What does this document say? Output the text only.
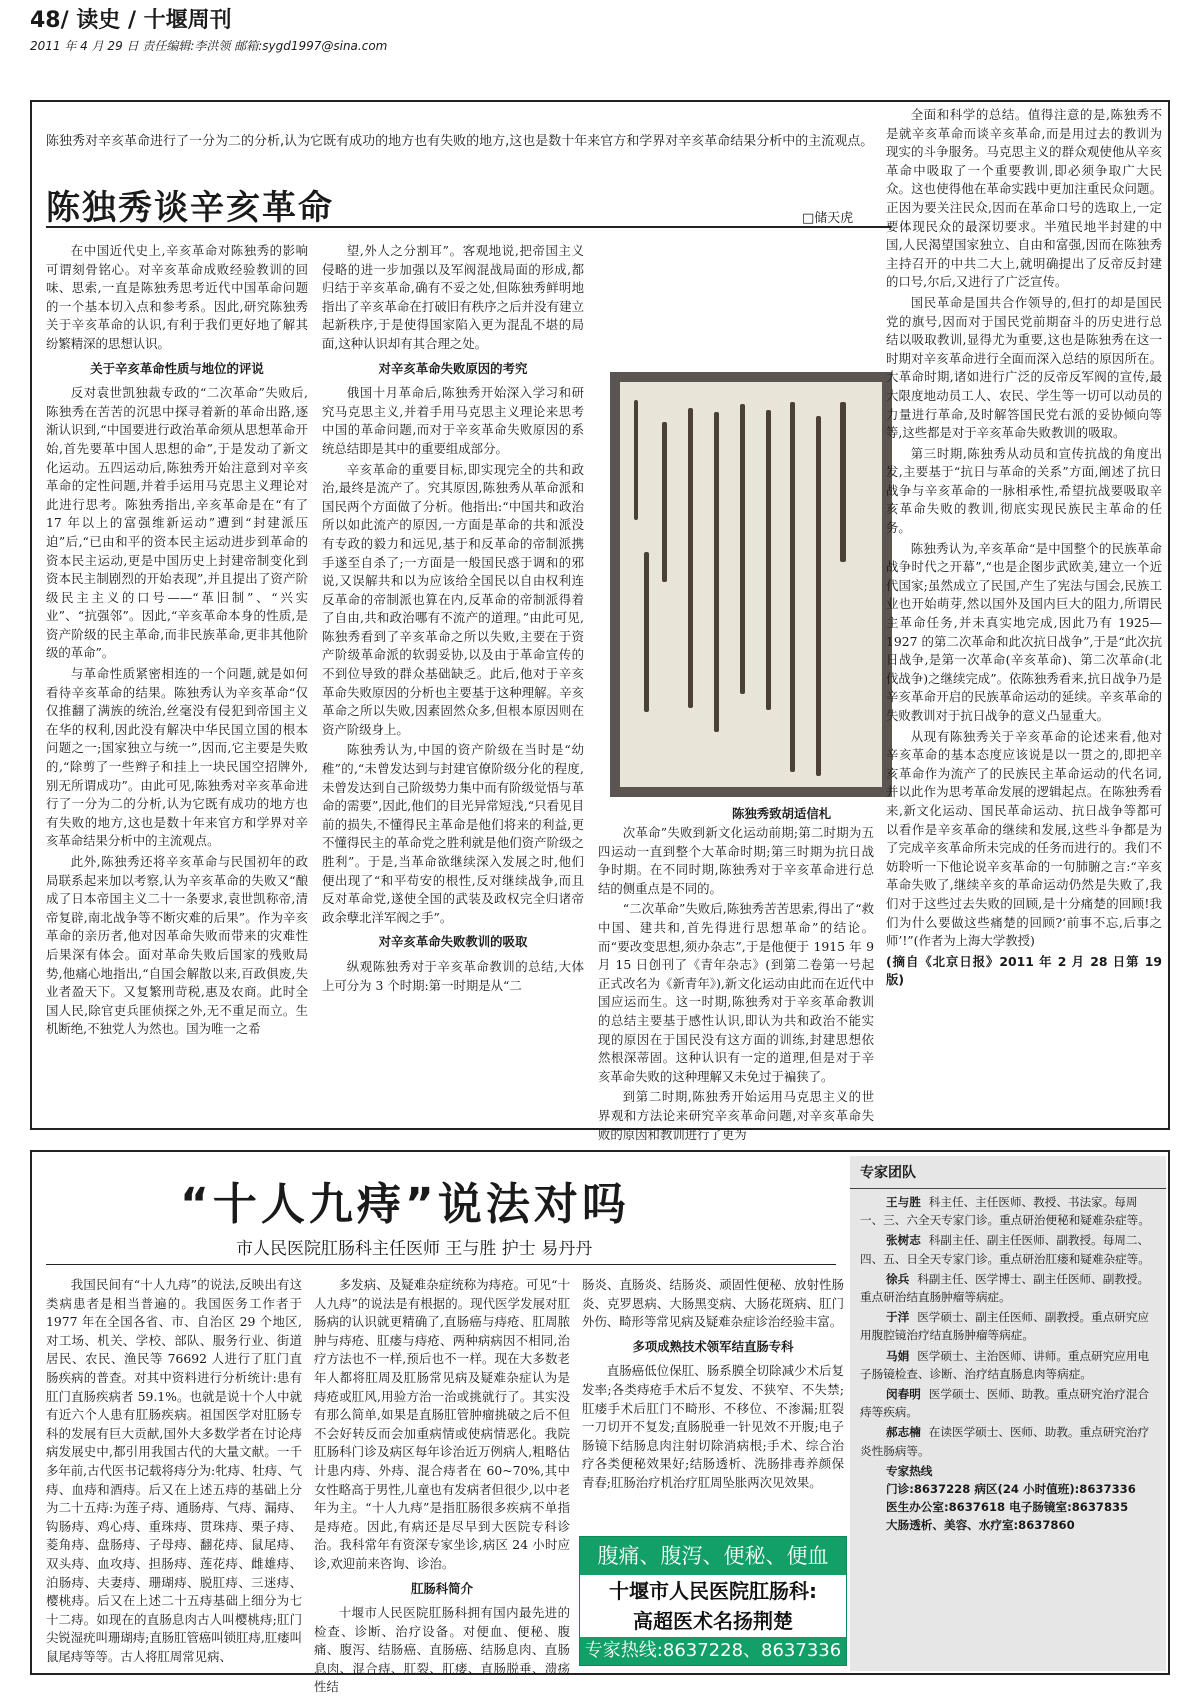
48/ 读史 / 十堰周刊
2011 年 4 月 29 日 责任编辑:李洪领 邮箱:sygd1997@sina.com
陈独秀对辛亥革命进行了一分为二的分析,认为它既有成功的地方也有失败的地方,这也是数十年来官方和学界对辛亥革命结果分析中的主流观点。
陈独秀谈辛亥革命	□储天虎

在中国近代史上,辛亥革命对陈独秀的影响可谓刻骨铭心。对辛亥革命成败经验教训的回味、思索,一直是陈独秀思考近代中国革命问题的一个基本切入点和参考系。因此,研究陈独秀关于辛亥革命的认识,有利于我们更好地了解其纷繁精深的思想认识。

关于辛亥革命性质与地位的评说

反对袁世凯独裁专政的“二次革命”失败后,陈独秀在苦苦的沉思中探寻着新的革命出路,逐渐认识到,“中国要进行政治革命须从思想革命开始,首先要革中国人思想的命”,于是发动了新文化运动。五四运动后,陈独秀开始注意到对辛亥革命的定性问题,并着手运用马克思主义理论对此进行思考。陈独秀指出,辛亥革命是在“有了 17 年以上的富强维新运动”遭到“封建派压迫”后,“已由和平的资本民主运动进步到革命的资本民主运动,更是中国历史上封建帝制变化到资本民主制剧烈的开始表现”,并且提出了资产阶级民主主义的口号——“革旧制”、“兴实业”、“抗强邻”。因此,“辛亥革命本身的性质,是资产阶级的民主革命,而非民族革命,更非其他阶级的革命”。

与革命性质紧密相连的一个问题,就是如何看待辛亥革命的结果。陈独秀认为辛亥革命“仅仅推翻了满族的统治,丝毫没有侵犯到帝国主义在华的权利,因此没有解决中华民国立国的根本问题之一;国家独立与统一”,因而,它主要是失败的,“除剪了一些辫子和挂上一块民国空招牌外,别无所谓成功”。由此可见,陈独秀对辛亥革命进行了一分为二的分析,认为它既有成功的地方也有失败的地方,这也是数十年来官方和学界对辛亥革命结果分析中的主流观点。

此外,陈独秀还将辛亥革命与民国初年的政局联系起来加以考察,认为辛亥革命的失败又“酿成了日本帝国主义二十一条要求,袁世凯称帝,清帝复辟,南北战争等不断灾难的后果”。作为辛亥革命的亲历者,他对因革命失败而带来的灾难性后果深有体会。面对革命失败后国家的残败局势,他痛心地指出,“自国会解散以来,百政俱废,失业者盈天下。又复繁刑苛税,惠及农商。此时全国人民,除官吏兵匪侦探之外,无不重足而立。生机断绝,不独党人为然也。国为唯一之希

望,外人之分割耳”。客观地说,把帝国主义侵略的进一步加强以及军阀混战局面的形成,都归结于辛亥革命,确有不妥之处,但陈独秀鲜明地指出了辛亥革命在打破旧有秩序之后并没有建立起新秩序,于是使得国家陷入更为混乱不堪的局面,这种认识却有其合理之处。

对辛亥革命失败原因的考究

俄国十月革命后,陈独秀开始深入学习和研究马克思主义,并着手用马克思主义理论来思考中国的革命问题,而对于辛亥革命失败原因的系统总结即是其中的重要组成部分。

辛亥革命的重要目标,即实现完全的共和政治,最终是流产了。究其原因,陈独秀从革命派和国民两个方面做了分析。他指出:“中国共和政治所以如此流产的原因,一方面是革命的共和派没有专政的毅力和远见,基于和反革命的帝制派携手遂至自杀了;一方面是一般国民惑于调和的邪说,又误解共和以为应该给全国民以自由权利连反革命的帝制派也算在内,反革命的帝制派得着了自由,共和政治哪有不流产的道理。”由此可见,陈独秀看到了辛亥革命之所以失败,主要在于资产阶级革命派的软弱妥协,以及由于革命宣传的不到位导致的群众基础缺乏。此后,他对于辛亥革命失败原因的分析也主要基于这种理解。辛亥革命之所以失败,因素固然众多,但根本原因则在资产阶级身上。

陈独秀认为,中国的资产阶级在当时是“幼稚”的,“未曾发达到与封建官僚阶级分化的程度,未曾发达到自己阶级势力集中而有阶级觉悟与革命的需要”,因此,他们的目光异常短浅,“只看见目前的损失,不懂得民主革命是他们将来的利益,更不懂得民主的革命党之胜利就是他们资产阶级之胜利”。于是,当革命欲继续深入发展之时,他们便出现了“和平苟安的根性,反对继续战争,而且反对革命党,遂使全国的武装及政权完全归诸帝政余孽北洋军阀之手”。

对辛亥革命失败教训的吸取

纵观陈独秀对于辛亥革命教训的总结,大体上可分为 3 个时期:第一时期是从“二

陈独秀致胡适信札

次革命”失败到新文化运动前期;第二时期为五四运动一直到整个大革命时期;第三时期为抗日战争时期。在不同时期,陈独秀对于辛亥革命进行总结的侧重点是不同的。

“二次革命”失败后,陈独秀苦苦思索,得出了“救中国、建共和,首先得进行思想革命”的结论。而“要改变思想,须办杂志”,于是他便于 1915 年 9 月 15 日创刊了《青年杂志》(到第二卷第一号起正式改名为《新青年》),新文化运动由此而在近代中国应运而生。这一时期,陈独秀对于辛亥革命教训的总结主要基于感性认识,即认为共和政治不能实现的原因在于国民没有这方面的训练,封建思想依然根深蒂固。这种认识有一定的道理,但是对于辛亥革命失败的这种理解又未免过于褊狭了。

到第二时期,陈独秀开始运用马克思主义的世界观和方法论来研究辛亥革命问题,对辛亥革命失败的原因和教训进行了更为

全面和科学的总结。值得注意的是,陈独秀不是就辛亥革命而谈辛亥革命,而是用过去的教训为现实的斗争服务。马克思主义的群众观使他从辛亥革命中吸取了一个重要教训,即必须争取广大民众。这也使得他在革命实践中更加注重民众问题。正因为要关注民众,因而在革命口号的选取上,一定要体现民众的最深切要求。半殖民地半封建的中国,人民渴望国家独立、自由和富强,因而在陈独秀主持召开的中共二大上,就明确提出了反帝反封建的口号,尔后,又进行了广泛宣传。

国民革命是国共合作领导的,但打的却是国民党的旗号,因而对于国民党前期奋斗的历史进行总结以吸取教训,显得尤为重要,这也是陈独秀在这一时期对辛亥革命进行全面而深入总结的原因所在。大革命时期,诸如进行广泛的反帝反军阀的宣传,最大限度地动员工人、农民、学生等一切可以动员的力量进行革命,及时解答国民党右派的妥协倾向等等,这些都是对于辛亥革命失败教训的吸取。

第三时期,陈独秀从动员和宣传抗战的角度出发,主要基于“抗日与革命的关系”方面,阐述了抗日战争与辛亥革命的一脉相承性,希望抗战要吸取辛亥革命失败的教训,彻底实现民族民主革命的任务。

陈独秀认为,辛亥革命“是中国整个的民族革命战争时代之开幕”,“也是企图步武欧美,建立一个近代国家;虽然成立了民国,产生了宪法与国会,民族工业也开始萌芽,然以国外及国内巨大的阻力,所谓民主革命任务,并未真实地完成,因此乃有 1925—1927 的第二次革命和此次抗日战争”,于是“此次抗日战争,是第一次革命(辛亥革命)、第二次革命(北伐战争)之继续完成”。依陈独秀看来,抗日战争乃是辛亥革命开启的民族革命运动的延续。辛亥革命的失败教训对于抗日战争的意义凸显重大。

从现有陈独秀关于辛亥革命的论述来看,他对辛亥革命的基本态度应该说是以一贯之的,即把辛亥革命作为流产了的民族民主革命运动的代名词,并以此作为思考革命发展的逻辑起点。在陈独秀看来,新文化运动、国民革命运动、抗日战争等都可以看作是辛亥革命的继续和发展,这些斗争都是为了完成辛亥革命所未完成的任务而进行的。我们不妨聆听一下他论说辛亥革命的一句肺腑之言:“辛亥革命失败了,继续辛亥的革命运动仍然是失败了,我们对于这些过去失败的回顾,是十分痛楚的回顾!我们为什么要做这些痛楚的回顾?‘前事不忘,后事之师’!”(作者为上海大学教授)

(摘自《北京日报》2011 年 2 月 28 日第 19 版)

“十人九痔”说法对吗
市人民医院肛肠科主任医师 王与胜 护士 易丹丹

我国民间有“十人九痔”的说法,反映出有这类病患者是相当普遍的。我国医务工作者于 1977 年在全国各省、市、自治区 29 个地区,对工场、机关、学校、部队、服务行业、街道居民、农民、渔民等 76692 人进行了肛门直肠疾病的普查。对其中资料进行分析统计:患有肛门直肠疾病者 59.1%。也就是说十个人中就有近六个人患有肛肠疾病。祖国医学对肛肠专科的发展有巨大贡献,国外大多数学者在讨论痔病发展史中,都引用我国古代的大量文献。一千多年前,古代医书记载将痔分为:牝痔、牡痔、气痔、血痔和酒痔。后又在上述五痔的基础上分为二十五痔:为莲子痔、通肠痔、气痔、漏痔、钩肠痔、鸡心痔、重珠痔、贯珠痔、栗子痔、菱角痔、盘肠痔、子母痔、翻花痔、鼠尾痔、双头痔、血攻痔、担肠痔、莲花痔、雌雄痔、泊肠痔、夫妻痔、珊瑚痔、脱肛痔、三迷痔、樱桃痔。后又在上述二十五痔基础上细分为七十二痔。如现在的直肠息肉古人叫樱桃痔;肛门尖锐湿疣叫珊瑚痔;直肠肛管癌叫锁肛痔,肛瘘叫鼠尾痔等等。古人将肛周常见病、

多发病、及疑难杂症统称为痔疮。可见“十人九痔”的说法是有根据的。现代医学发展对肛肠病的认识就更精确了,直肠癌与痔疮、肛周脓肿与痔疮、肛瘘与痔疮、两种病病因不相同,治疗方法也不一样,预后也不一样。现在大多数老年人都将肛周及肛肠常见病及疑难杂症认为是痔疮或肛风,用验方治一治或挑就行了。其实没有那么简单,如果是直肠肛管肿瘤挑破之后不但不会好转反而会加重病情或使病情恶化。我院肛肠科门诊及病区每年诊治近万例病人,粗略估计患内痔、外痔、混合痔者在 60~70%,其中女性略高于男性,儿童也有发病者但很少,以中老年为主。“十人九痔”是指肛肠很多疾病不单指是痔疮。因此,有病还是尽早到大医院专科诊治。我科常年有资深专家坐诊,病区 24 小时应诊,欢迎前来咨询、诊治。

肛肠科简介

十堰市人民医院肛肠科拥有国内最先进的检查、诊断、治疗设备。对便血、便秘、腹痛、腹泻、结肠癌、直肠癌、结肠息肉、直肠息肉、混合痔、肛裂、肛瘘、直肠脱垂、溃疡性结

肠炎、直肠炎、结肠炎、顽固性便秘、放射性肠炎、克罗恩病、大肠黑变病、大肠花斑病、肛门外伤、畸形等常见病及疑难杂症诊治经验丰富。

多项成熟技术领军结直肠专科

直肠癌低位保肛、肠系膜全切除减少术后复发率;各类痔疮手术后不复发、不狭窄、不失禁;肛瘘手术后肛门不畸形、不移位、不渗漏;肛裂一刀切开不复发;直肠脱垂一针见效不开腹;电子肠镜下结肠息肉注射切除消病根;手术、综合治疗各类便秘效果好;结肠透析、洗肠排毒养颜保青春;肛肠治疗机治疗肛周坠胀两次见效果。

腹痛、腹泻、便秘、便血
十堰市人民医院肛肠科:
高超医术名扬荆楚
专家热线:8637228、8637336
专家团队
王与胜 科主任、主任医师、教授、书法家。每周一、三、六全天专家门诊。重点研治便秘和疑难杂症等。
张树志 科副主任、副主任医师、副教授。每周二、四、五、日全天专家门诊。重点研治肛瘘和疑难杂症等。
徐兵 科副主任、医学博士、副主任医师、副教授。重点研治结直肠肿瘤等病症。
于洋 医学硕士、副主任医师、副教授。重点研究应用腹腔镜治疗结直肠肿瘤等病症。
马娟 医学硕士、主治医师、讲师。重点研究应用电子肠镜检查、诊断、治疗结直肠息肉等病症。
闵春明 医学硕士、医师、助教。重点研究治疗混合痔等疾病。
郝志楠 在读医学硕士、医师、助教。重点研究治疗炎性肠病等。
专家热线
门诊:8637228 病区(24 小时值班):8637336
医生办公室:8637618 电子肠镜室:8637835
大肠透析、美容、水疗室:8637860
